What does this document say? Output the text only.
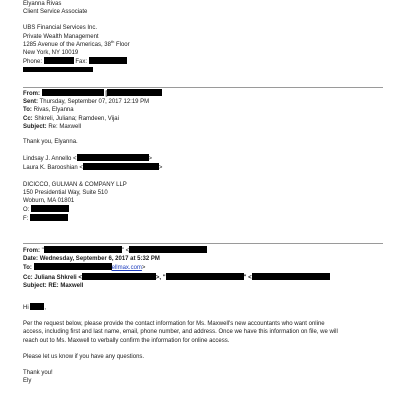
Elyanna Rivas
Client Service Associate
UBS Financial Services Inc.
Private Wealth Management
1285 Avenue of the Americas, 38th Floor
New York, NY 10019
Phone:	Fax:
From:	[
Sent: Thursday, September 07, 2017 12:19 PM
To: Rivas, Elyanna
Cc: Shkreli, Juliana; Ramdeen, Vijai
Subject: Re: Maxwell
Thank you, Elyanna.
Lindsay J. Annello <	>
Laura K. Barooshian <	>
DICICCO, GULMAN & COMPANY LLP
150 Presidential Way, Suite 510
Woburn, MA 01801
O:
F:
From: "	" <
Date: Wednesday, September 6, 2017 at 5:32 PM
To:	ellmax.com>
Cc: Juliana Shkreli <	>, "	" <
Subject: RE: Maxwell
Hi	,
Per the request below, please provide the contact information for Ms. Maxwell's new accountants who want online
access, including first and last name, email, phone number, and address. Once we have this information on file, we will
reach out to Ms. Maxwell to verbally confirm the information for online access.
Please let us know if you have any questions.
Thank you!
Ely
